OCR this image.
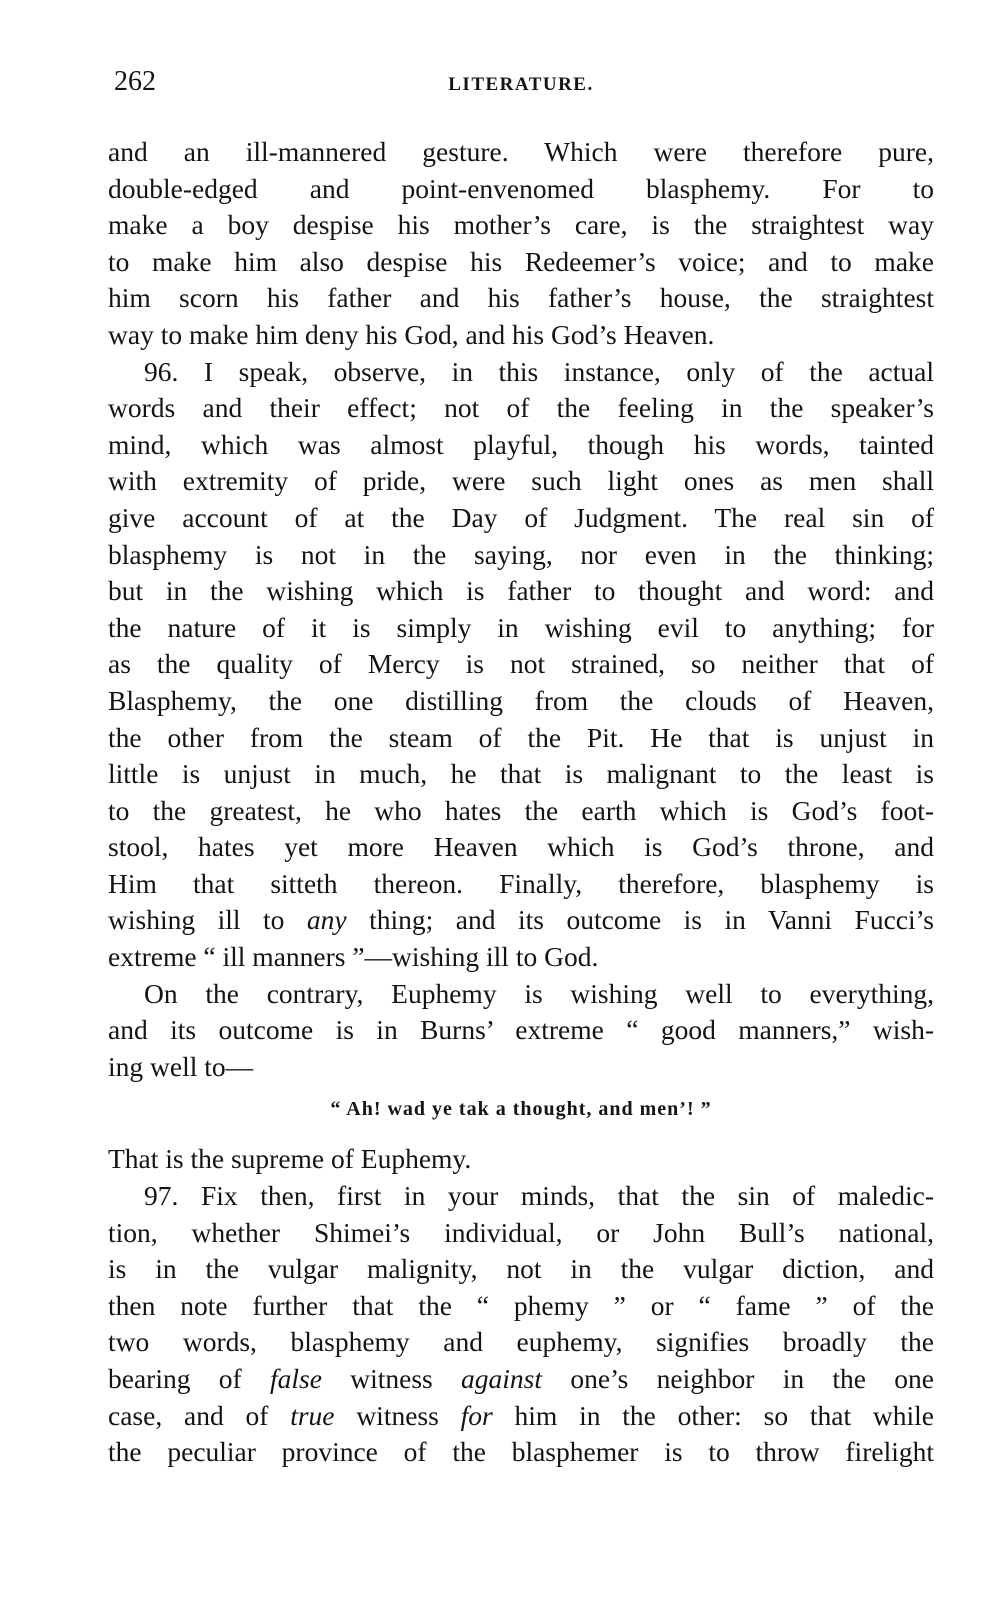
262	LITERATURE.
and an ill-mannered gesture. Which were therefore pure,
double-edged and point-envenomed blasphemy. For to
make a boy despise his mother’s care, is the straightest way
to make him also despise his Redeemer’s voice; and to make
him scorn his father and his father’s house, the straightest
way to make him deny his God, and his God’s Heaven.
96. I speak, observe, in this instance, only of the actual
words and their effect; not of the feeling in the speaker’s
mind, which was almost playful, though his words, tainted
with extremity of pride, were such light ones as men shall
give account of at the Day of Judgment. The real sin of
blasphemy is not in the saying, nor even in the thinking;
but in the wishing which is father to thought and word: and
the nature of it is simply in wishing evil to anything; for
as the quality of Mercy is not strained, so neither that of
Blasphemy, the one distilling from the clouds of Heaven,
the other from the steam of the Pit. He that is unjust in
little is unjust in much, he that is malignant to the least is
to the greatest, he who hates the earth which is God’s foot-
stool, hates yet more Heaven which is God’s throne, and
Him that sitteth thereon. Finally, therefore, blasphemy is
wishing ill to any thing; and its outcome is in Vanni Fucci’s
extreme “ ill manners ”—wishing ill to God.
On the contrary, Euphemy is wishing well to everything,
and its outcome is in Burns’ extreme “ good manners,” wish-
ing well to—
“ Ah! wad ye tak a thought, and men’! ”
That is the supreme of Euphemy.
97. Fix then, first in your minds, that the sin of maledic-
tion, whether Shimei’s individual, or John Bull’s national,
is in the vulgar malignity, not in the vulgar diction, and
then note further that the “ phemy ” or “ fame ” of the
two words, blasphemy and euphemy, signifies broadly the
bearing of false witness against one’s neighbor in the one
case, and of true witness for him in the other: so that while
the peculiar province of the blasphemer is to throw firelight
